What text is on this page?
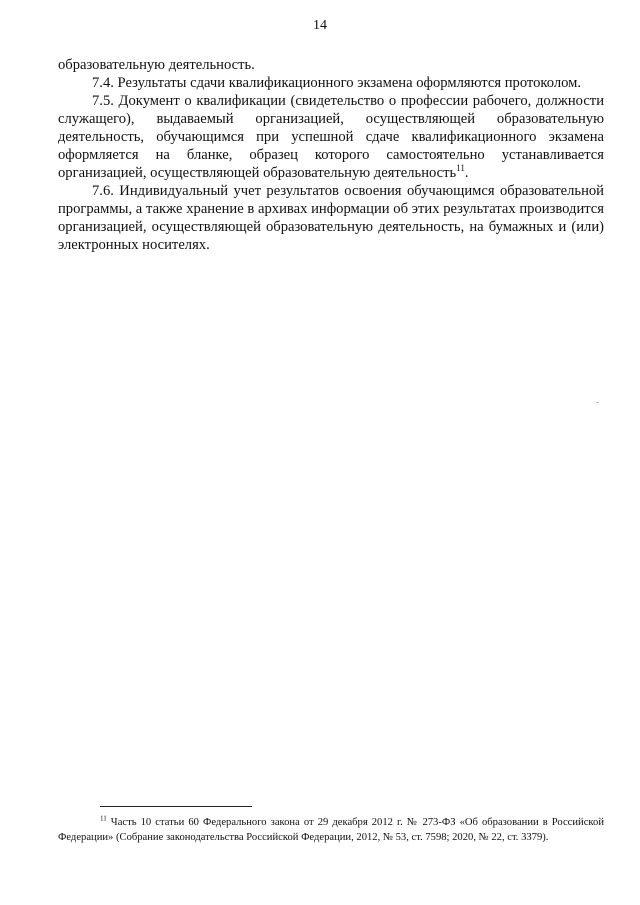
14

образовательную деятельность.

7.4. Результаты сдачи квалификационного экзамена оформляются протоколом.

7.5. Документ о квалификации (свидетельство о профессии рабочего, должности служащего), выдаваемый организацией, осуществляющей образовательную деятельность, обучающимся при успешной сдаче квалификационного экзамена оформляется на бланке, образец которого самостоятельно устанавливается организацией, осуществляющей образовательную деятельность$^{11}$.

7.6. Индивидуальный учет результатов освоения обучающимся образовательной программы, а также хранение в архивах информации об этих результатах производится организацией, осуществляющей образовательную деятельность, на бумажных и (или) электронных носителях.

$^{11}$ Часть 10 статьи 60 Федерального закона от 29 декабря 2012 г. № 273-ФЗ «Об образовании в Российской Федерации» (Собрание законодательства Российской Федерации, 2012, № 53, ст. 7598; 2020, № 22, ст. 3379).
